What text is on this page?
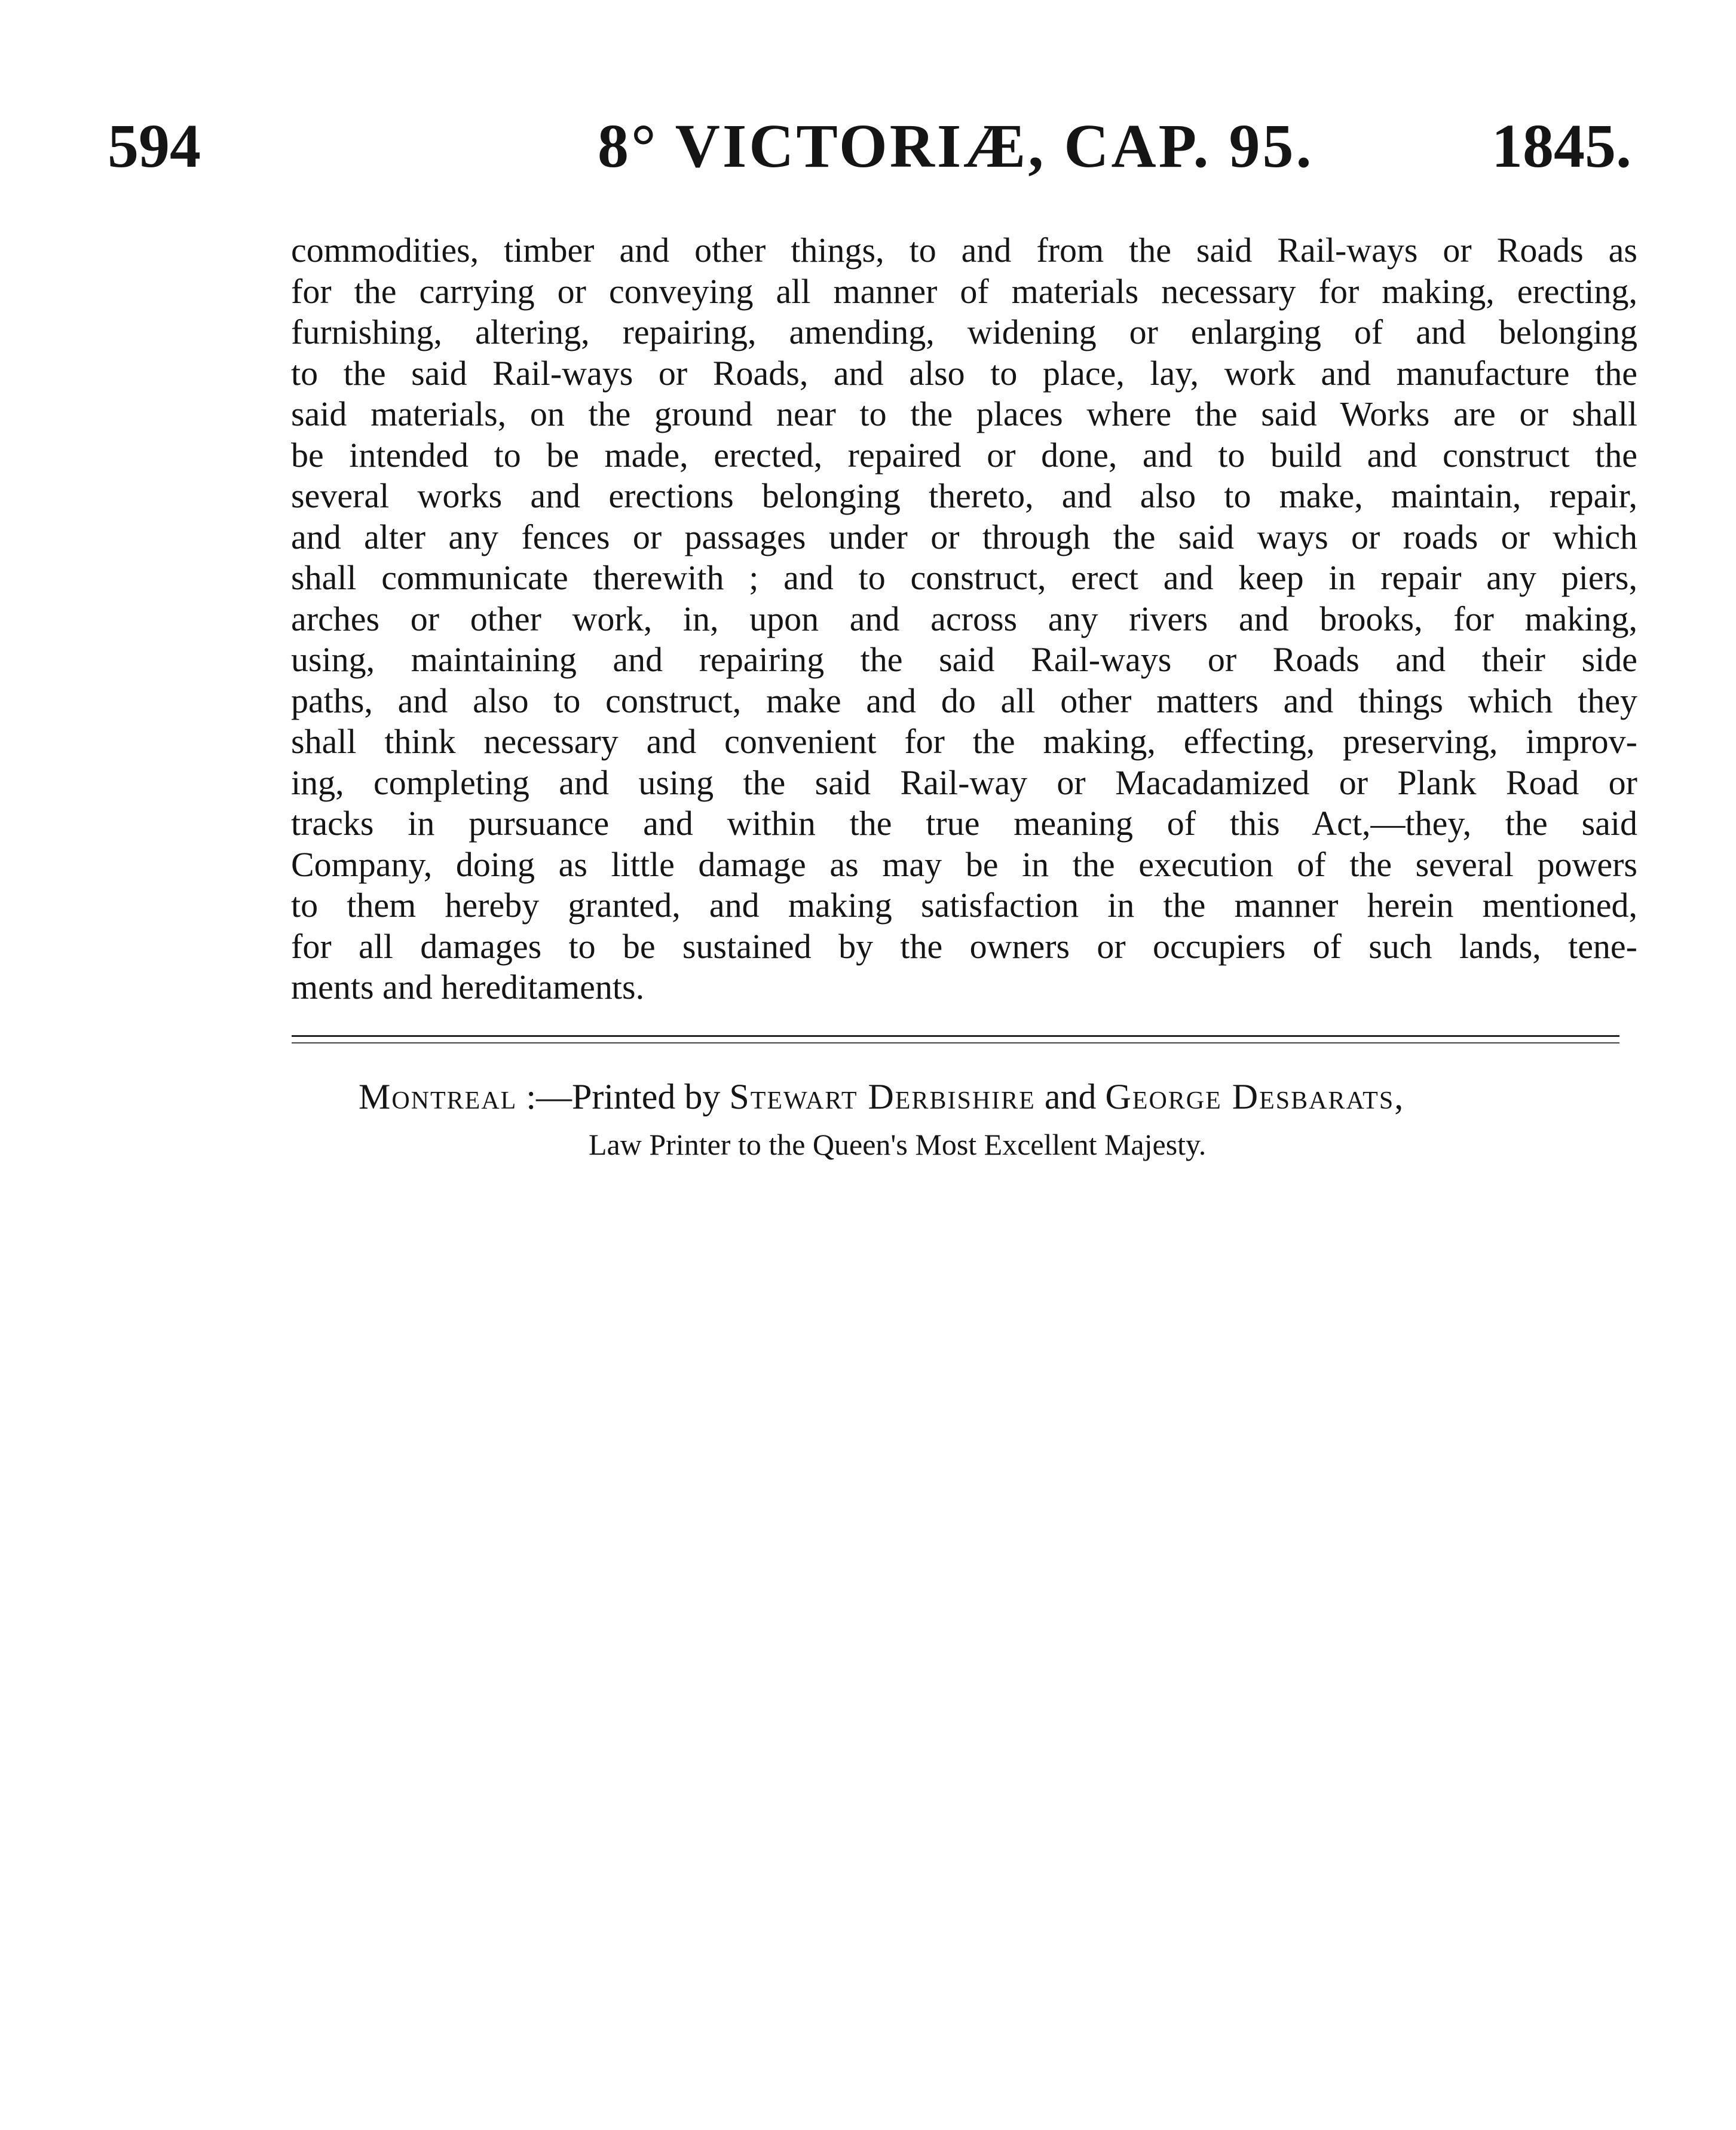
594	8° VICTORIÆ, CAP. 95.	1845.
commodities, timber and other things, to and from the said Rail-ways or Roads as
for the carrying or conveying all manner of materials necessary for making, erecting,
furnishing, altering, repairing, amending, widening or enlarging of and belonging
to the said Rail-ways or Roads, and also to place, lay, work and manufacture the
said materials, on the ground near to the places where the said Works are or shall
be intended to be made, erected, repaired or done, and to build and construct the
several works and erections belonging thereto, and also to make, maintain, repair,
and alter any fences or passages under or through the said ways or roads or which
shall communicate therewith ; and to construct, erect and keep in repair any piers,
arches or other work, in, upon and across any rivers and brooks, for making,
using, maintaining and repairing the said Rail-ways or Roads and their side
paths, and also to construct, make and do all other matters and things which they
shall think necessary and convenient for the making, effecting, preserving, improv-
ing, completing and using the said Rail-way or Macadamized or Plank Road or
tracks in pursuance and within the true meaning of this Act,—they, the said
Company, doing as little damage as may be in the execution of the several powers
to them hereby granted, and making satisfaction in the manner herein mentioned,
for all damages to be sustained by the owners or occupiers of such lands, tene-
ments and hereditaments.
Montreal :—Printed by Stewart Derbishire and George Desbarats,
Law Printer to the Queen's Most Excellent Majesty.
